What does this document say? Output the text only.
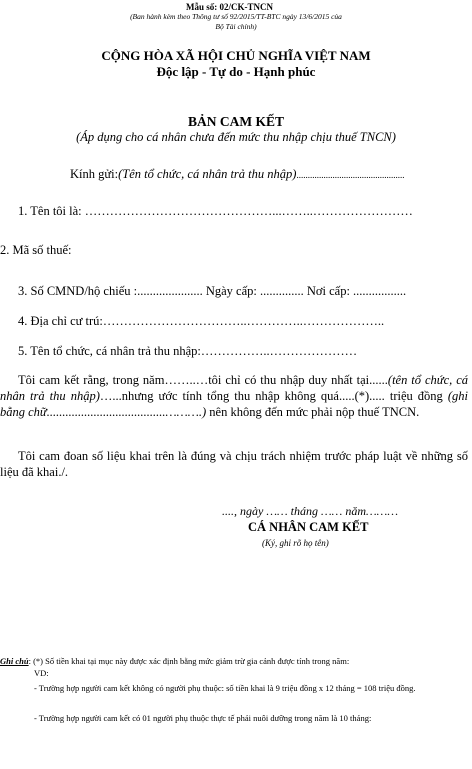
Mẫu số: 02/CK-TNCN
(Ban hành kèm theo Thông tư số 92/2015/TT-BTC ngày 13/6/2015 của Bộ Tài chính)
CỘNG HÒA XÃ HỘI CHỦ NGHĨA VIỆT NAM
Độc lập - Tự do - Hạnh phúc
BẢN CAM KẾT
(Áp dụng cho cá nhân chưa đến mức thu nhập chịu thuế TNCN)
Kính gửi:(Tên tổ chức, cá nhân trả thu nhập)................................................
1. Tên tôi là: ………………………………………...……..……………………
2. Mã số thuế:
3. Số CMND/hộ chiếu :..................... Ngày cấp: .............. Nơi cấp: .................
4. Địa chỉ cư trú:……………………………..…………..………………..
5. Tên tổ chức, cá nhân trả thu nhập:……………..…………………
Tôi cam kết rằng, trong năm……..…tôi chỉ có thu nhập duy nhất tại......(tên tổ chức, cá nhân trả thu nhập)…...nhưng ước tính tổng thu nhập không quá.....(*)..... triệu đồng (ghi bằng chữ......................................……….) nên không đến mức phải nộp thuế TNCN.
Tôi cam đoan số liệu khai trên là đúng và chịu trách nhiệm trước pháp luật về những số liệu đã khai./.
...., ngày …… tháng …… năm………
CÁ NHÂN CAM KẾT
(Ký, ghi rõ họ tên)
Ghi chú: (*) Số tiền khai tại mục này được xác định bằng mức giảm trừ gia cảnh được tính trong năm:
VD:
- Trường hợp người cam kết không có người phụ thuộc: số tiền khai là 9 triệu đồng x 12 tháng = 108 triệu đồng.
- Trường hợp người cam kết có 01 người phụ thuộc thực tế phải nuôi dưỡng trong năm là 10 tháng:
